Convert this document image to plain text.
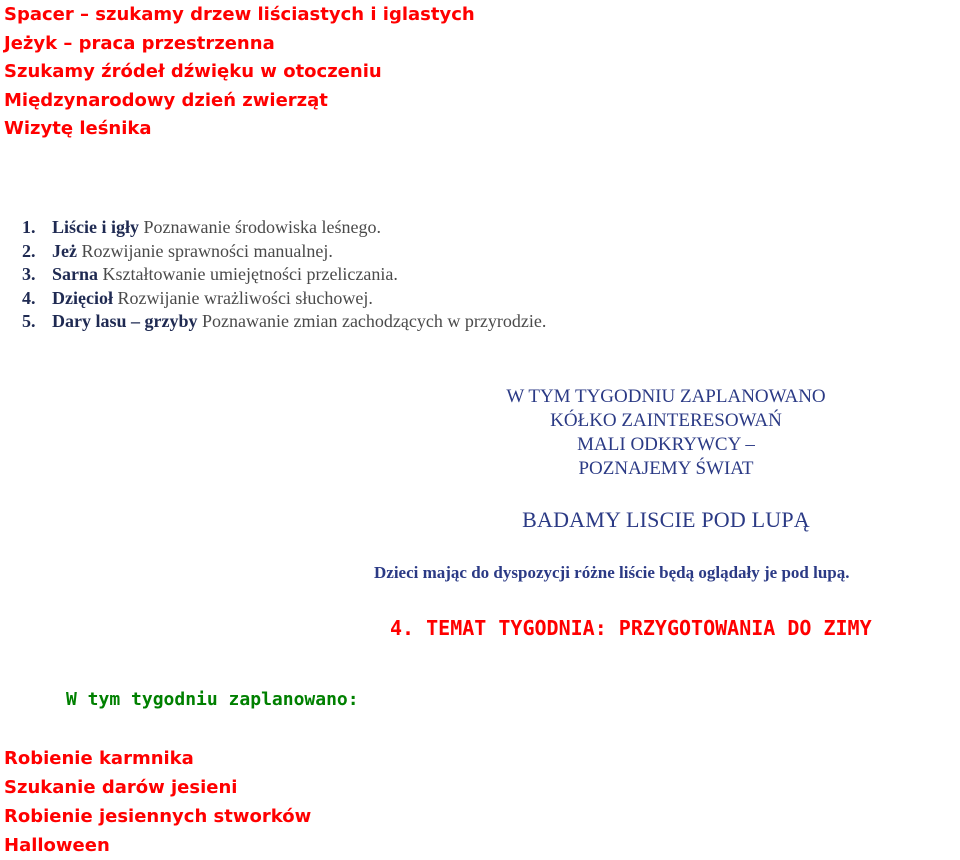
Spacer – szukamy drzew liściastych i iglastych
Jeżyk – praca przestrzenna
Szukamy źródeł dźwięku w otoczeniu
Międzynarodowy dzień zwierząt
Wizytę leśnika
1. Liście i igły Poznawanie środowiska leśnego.
2. Jeż Rozwijanie sprawności manualnej.
3. Sarna Kształtowanie umiejętności przeliczania.
4. Dzięcioł Rozwijanie wrażliwości słuchowej.
5. Dary lasu – grzyby Poznawanie zmian zachodzących w przyrodzie.
W TYM TYGODNIU ZAPLANOWANO
KÓŁKO ZAINTERESOWAŃ
MALI ODKRYWCY –
POZNAJEMY ŚWIAT
BADAMY LISCIE POD LUPĄ
Dzieci mając do dyspozycji różne liście będą oglądały je pod lupą.
4. TEMAT TYGODNIA: PRZYGOTOWANIA DO ZIMY
W tym tygodniu zaplanowano:
Robienie karmnika
Szukanie darów jesieni
Robienie jesiennych stworków
Halloween
